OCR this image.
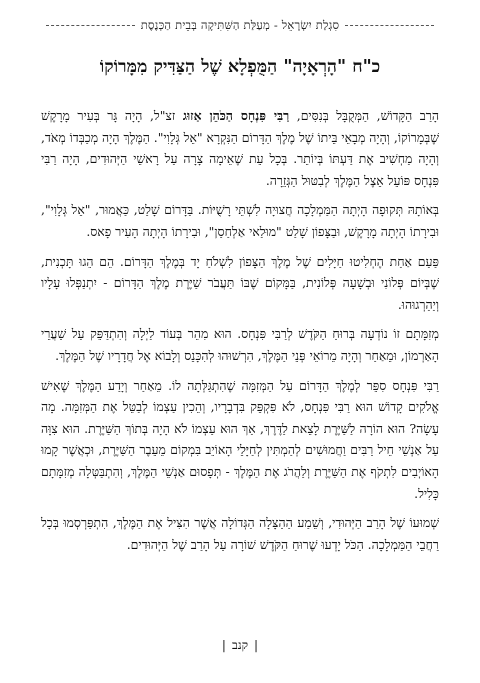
סִגְלַת יִשְׂרָאֵל - מְעַלַּת הַשִּׁתִּיקָה בְּבֵית הַכְּנֶסֶת
כ"ח "הָרְאָיָה" הַמֻּפְלָא שֶׁל הַצַּדִּיק מִמָּרוֹקוֹ

הָרַב הַקָּדוֹשׁ, הַמְּקֻבָּל בְּנִסִּים, רַבִּי פִּנְחָס הַכֹּהֵן אַזוּג זצ"ל, הָיָה גָּר בְּעִיר מָרָקֶשׁ שֶׁבְּמָרוֹקוֹ, וְהָיָה מְבָאֵי בֵּיתוֹ שֶׁל מֶלֶךְ הַדָּרוֹם הַנִּקְרָא "אֵל גְּלָוִי". הַמֶּלֶךְ הָיָה מְכַבְּדוֹ מְאֹד, וְהָיָה מַחְשִׁיב אֶת דַּעְתּוֹ בְּיוֹתֵר. בְּכָל עֵת שֶׁאֵימָה צָרָה עַל רָאשֵׁי הַיְּהוּדִים, הָיָה רַבִּי פִּנְחָס פּוֹעֵל אֵצֶל הַמֶּלֶךְ לְבִטּוּל הַגְּזֵרָה.

בְּאוֹתָהּ תְּקוּפָה הָיְתָה הַמַּמְלָכָה חֲצוּיָה לִשְׁתֵּי רָשֻׁיּוֹת. בַּדָּרוֹם שָׁלַט, כַּאֲמוּר, "אֵל גְּלָוִי", וּבִירָתוֹ הָיְתָה מָרָקֶשׁ, וּבַצָּפוֹן שָׁלַט "מוּלַאי אַלְחַסַן", וּבִירָתוֹ הָיְתָה הָעִיר פָאס.

פַּעַם אַחַת הֶחְלִיטוּ חַיָּלִים שֶׁל מֶלֶךְ הַצָּפוֹן לִשְׁלֹחַ יָד בְּמֶלֶךְ הַדָּרוֹם. הֵם הֵגוּ תָּכְנִית, שֶׁבְּיוֹם פְּלוֹנִי וּבְשָׁעָה פְּלוֹנִית, בַּמָּקוֹם שֶׁבּוֹ תַּעֲבֹר שַׁיֶּרֶת מֶלֶךְ הַדָּרוֹם - יִתְנַפְּלוּ עָלָיו וְיַהַרְגוּהוּ.

מְזִמָּתָם זוֹ נוֹדְעָה בְּרוּחַ הַקֹּדֶשׁ לְרַבִּי פִּנְחָס. הוּא מִהֵר בְּעוֹד לַיְלָה וְהִתְדַּפֵּק עַל שַׁעֲרֵי הָאַרְמוֹן, וּמֵאַחַר וְהָיָה מֵרוֹאֵי פְּנֵי הַמֶּלֶךְ, הִרְשׁוּהוּ לְהִכָּנֵס וְלָבוֹא אֶל חֲדָרָיו שֶׁל הַמֶּלֶךְ.

רַבִּי פִּנְחָס סִפֵּר לְמֶלֶךְ הַדָּרוֹם עַל הַמְּזִמָּה שֶׁהִתְגַּלְּתָה לוֹ. מֵאַחַר וְיָדַע הַמֶּלֶךְ שֶׁאִישׁ אֱלֹקִים קָדוֹשׁ הוּא רַבִּי פִּנְחָס, לֹא פִּקְפֵּק בִּדְבָרָיו, וְהֵכִין עַצְמוֹ לְבַטֵּל אֶת הַמְּזִמָּה. מָה עָשָׂה? הוּא הוֹרָה לַשַּׁיֶּרֶת לָצֵאת לַדֶּרֶךְ, אַךְ הוּא עַצְמוֹ לֹא הָיָה בְּתוֹךְ הַשַּׁיֶּרֶת. הוּא צִוָּה עַל אַנְשֵׁי חֵיל רַבִּים וַחֲמוּשִׁים לְהַמְתִּין לְחַיָּלֵי הָאוֹיֵב בִּמְקוֹם מֵעֵבֶר הַשַּׁיֶּרֶת, וּכְאֲשֶׁר קָמוּ הָאוֹיְבִים לִתְקֹף אֶת הַשַּׁיֶּרֶת וְלַהֲרֹג אֶת הַמֶּלֶךְ - תְּפָסוּם אַנְשֵׁי הַמֶּלֶךְ, וְהִתְבַּטְּלָה מְזִמָּתָם כָּלִיל.

שְׁמוּעוֹ שֶׁל הָרַב הַיְּהוּדִי, וְשֵׁמַע הַהַצָּלָה הַגְּדוֹלָה אֲשֶׁר הִצִּיל אֶת הַמֶּלֶךְ, הִתְפַּרְסְמוּ בְּכָל רַחֲבֵי הַמַּמְלָכָה. הַכֹּל יָדְעוּ שֶׁרוּחַ הַקֹּדֶשׁ שׁוֹרָה עַל הָרַב שֶׁל הַיְּהוּדִים.

|קנב|
